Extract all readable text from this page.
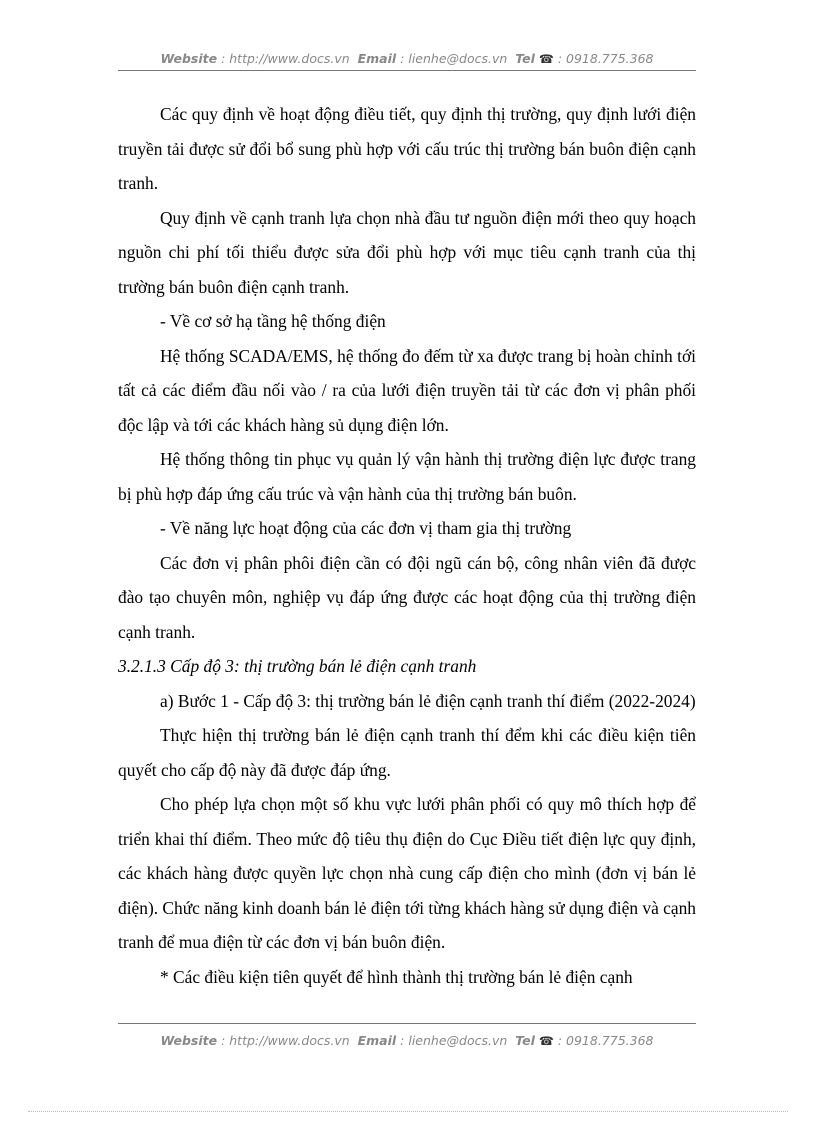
Website : http://www.docs.vn Email : lienhe@docs.vn Tel ☎ : 0918.775.368

Các quy định về hoạt động điều tiết, quy định thị trường, quy định lưới điện truyền tải được sử đổi bổ sung phù hợp với cấu trúc thị trường bán buôn điện cạnh tranh.

Quy định về cạnh tranh lựa chọn nhà đầu tư nguồn điện mới theo quy hoạch nguồn chi phí tối thiểu được sửa đổi phù hợp với mục tiêu cạnh tranh của thị trường bán buôn điện cạnh tranh.

- Về cơ sở hạ tầng hệ thống điện

Hệ thống SCADA/EMS, hệ thống đo đếm từ xa được trang bị hoàn chỉnh tới tất cả các điểm đầu nối vào / ra của lưới điện truyền tải từ các đơn vị phân phối độc lập và tới các khách hàng sủ dụng điện lớn.

Hệ thống thông tin phục vụ quản lý vận hành thị trường điện lực được trang bị phù hợp đáp ứng cấu trúc và vận hành của thị trường bán buôn.

- Về năng lực hoạt động của các đơn vị tham gia thị trường

Các đơn vị phân phôi điện cần có đội ngũ cán bộ, công nhân viên đã được đào tạo chuyên môn, nghiệp vụ đáp ứng được các hoạt động của thị trường điện cạnh tranh.

3.2.1.3 Cấp độ 3: thị trường bán lẻ điện cạnh tranh

a) Bước 1 - Cấp độ 3: thị trường bán lẻ điện cạnh tranh thí điểm (2022-2024)

Thực hiện thị trường bán lẻ điện cạnh tranh thí đểm khi các điều kiện tiên quyết cho cấp độ này đã được đáp ứng.

Cho phép lựa chọn một số khu vực lưới phân phối có quy mô thích hợp để triển khai thí điểm. Theo mức độ tiêu thụ điện do Cục Điều tiết điện lực quy định, các khách hàng được quyền lực chọn nhà cung cấp điện cho mình (đơn vị bán lẻ điện). Chức năng kinh doanh bán lẻ điện tới từng khách hàng sử dụng điện và cạnh tranh để mua điện từ các đơn vị bán buôn điện.

* Các điều kiện tiên quyết để hình thành thị trường bán lẻ điện cạnh

Website : http://www.docs.vn Email : lienhe@docs.vn Tel ☎ : 0918.775.368
